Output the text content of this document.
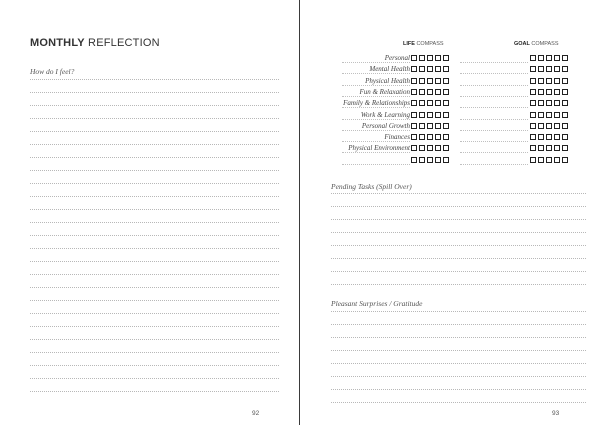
MONTHLY REFLECTION
How do I feel?
92
LIFE COMPASS	GOAL COMPASS
Personal
Mental Health
Physical Health
Fun & Relaxation
Family & Relationships
Work & Learning
Personal Growth
Finances
Physical Environment
Pending Tasks (Spill Over)
Pleasant Surprises / Gratitude
93
